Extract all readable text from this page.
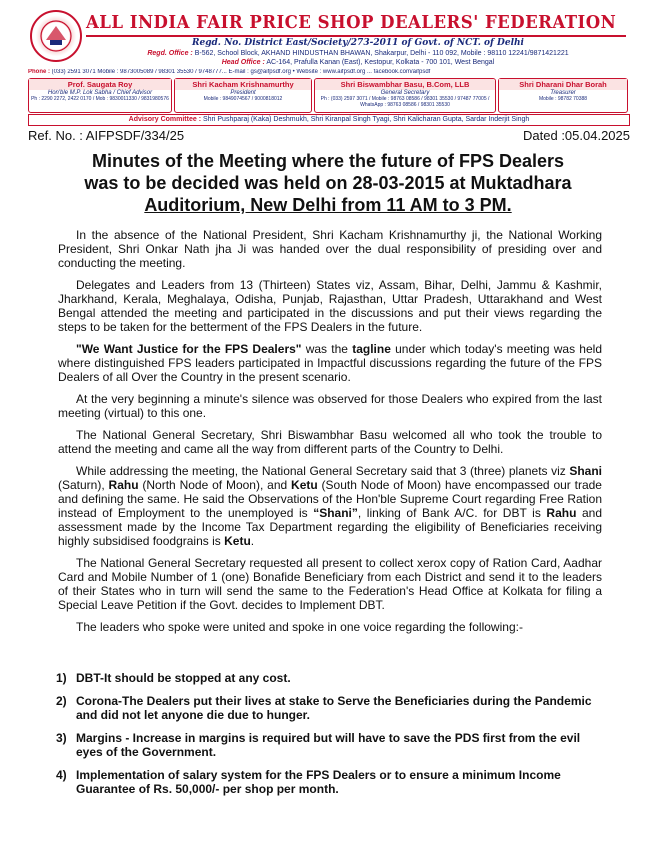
ALL INDIA FAIR PRICE SHOP DEALERS' FEDERATION
Regd. No. District East/Society/273-2011 of Govt. of NCT. of Delhi
Regd. Office : B-562, School Block, AKHAND HINDUSTHAN BHAWAN, Shakarpur, Delhi - 110 092, Mobile : 98110 12241/9871421221
Head Office : AC-164, Prafulla Kanan (East), Kestopur, Kolkata - 700 101, West Bengal
Phone : (033) 2591 3071 Mobile : 9873005089 / 98301 35530 / 9748777... E-mail : gs@aifpsdf.org • Website : www.aifpsdf.org ... facebook.com/aifpsdf
Prof. Saugata Roy
Hon'ble M.P. Lok Sabha / Chief Advisor
Ph : 2290 2272, 2422 0170 / Mob : 9830011330 / 9831980576
Shri Kacham Krishnamurthy
President
Mobile : 9849074567 / 9000818012
Shri Biswambhar Basu, B.Com, LLB
General Secretary
Ph : (033) 2597 3071 / Mobile : 98763 08586 / 98301 35530 / 97487 77005 / WhatsApp : 98763 08586 / 98301 35530
Shri Dharani Dhar Borah
Treasurer
Mobile : 98782 70388
Advisory Committee : Shri Pushparaj (Kaka) Deshmukh, Shri Kiranpal Singh Tyagi, Shri Kalicharan Gupta, Sardar Inderjit Singh
Ref. No. : AIFPSDF/334/25	Dated :05.04.2025
Minutes of the Meeting where the future of FPS Dealers
was to be decided was held on 28-03-2015 at Muktadhara
Auditorium, New Delhi from 11 AM to 3 PM.

In the absence of the National President, Shri Kacham Krishnamurthy ji, the National Working President, Shri Onkar Nath jha Ji was handed over the dual responsibility of presiding over and conducting the meeting.

Delegates and Leaders from 13 (Thirteen) States viz, Assam, Bihar, Delhi, Jammu & Kashmir, Jharkhand, Kerala, Meghalaya, Odisha, Punjab, Rajasthan, Uttar Pradesh, Uttarakhand and West Bengal attended the meeting and participated in the discussions and put their views regarding the steps to be taken for the betterment of the FPS Dealers in the future.

"We Want Justice for the FPS Dealers" was the tagline under which today's meeting was held where distinguished FPS leaders participated in Impactful discussions regarding the future of the FPS Dealers of all Over the Country in the present scenario.

At the very beginning a minute's silence was observed for those Dealers who expired from the last meeting (virtual) to this one.

The National General Secretary, Shri Biswambhar Basu welcomed all who took the trouble to attend the meeting and came all the way from different parts of the Country to Delhi.

While addressing the meeting, the National General Secretary said that 3 (three) planets viz Shani (Saturn), Rahu (North Node of Moon), and Ketu (South Node of Moon) have encompassed our trade and defining the same. He said the Observations of the Hon'ble Supreme Court regarding Free Ration instead of Employment to the unemployed is “Shani”, linking of Bank A/C. for DBT is Rahu and assessment made by the Income Tax Department regarding the eligibility of Beneficiaries receiving highly subsidised foodgrains is Ketu.

The National General Secretary requested all present to collect xerox copy of Ration Card, Aadhar Card and Mobile Number of 1 (one) Bonafide Beneficiary from each District and send it to the leaders of their States who in turn will send the same to the Federation's Head Office at Kolkata for filing a Special Leave Petition if the Govt. decides to Implement DBT.

The leaders who spoke were united and spoke in one voice regarding the following:-

1) DBT-It should be stopped at any cost.
2) Corona-The Dealers put their lives at stake to Serve the Beneficiaries during the Pandemic and did not let anyone die due to hunger.
3) Margins - Increase in margins is required but will have to save the PDS first from the evil eyes of the Government.
4) Implementation of salary system for the FPS Dealers or to ensure a minimum Income Guarantee of Rs. 50,000/- per shop per month.
